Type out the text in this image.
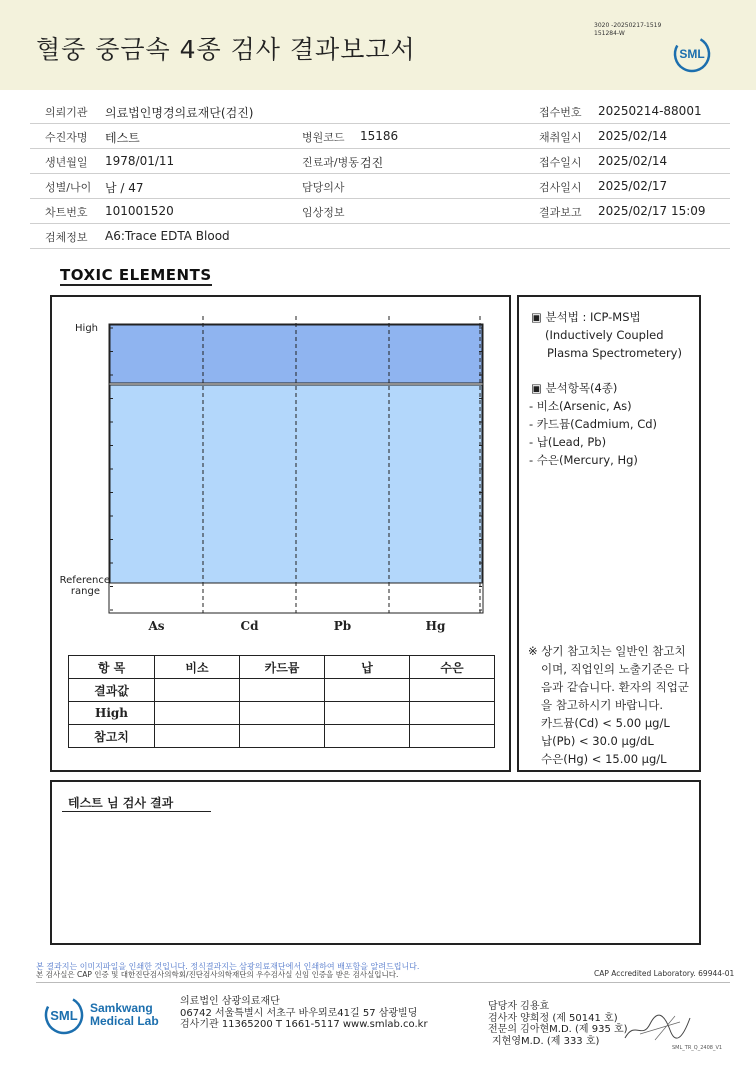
혈중 중금속 4종 검사 결과보고서
3020 -20250217-1519
151284-W
SML
의뢰기관 의료법인명경의료재단(검진)	접수번호 20250214-88001
수진자명 테스트	병원코드 15186	채취일시 2025/02/14
생년월일 1978/01/11	진료과/병동 검진	접수일시 2025/02/14
성별/나이 남 / 47	담당의사	검사일시 2025/02/17
차트번호 101001520	임상정보	결과보고 2025/02/17 15:09
검체정보 A6:Trace EDTA Blood
TOXIC ELEMENTS
High
Reference
range
As	Cd	Pb	Hg
항 목	비소	카드뮴	납	수은
결과값				
High				
참고치				
▣ 분석법 : ICP-MS법
(Inductively Coupled
Plasma Spectrometery)
▣ 분석항목(4종)
- 비소(Arsenic, As)
- 카드뮴(Cadmium, Cd)
- 납(Lead, Pb)
- 수은(Mercury, Hg)
※ 상기 참고치는 일반인 참고치
이며, 직업인의 노출기준은 다
음과 같습니다. 환자의 직업군
을 참고하시기 바랍니다.
카드뮴(Cd) < 5.00 μg/L
납(Pb) < 30.0 μg/dL
수은(Hg) < 15.00 μg/L
테스트 님 검사 결과
본 결과지는 이미지파일을 인쇄한 것입니다. 정식결과지는 삼광의료재단에서 인쇄하여 배포함을 알려드립니다.
본 검사실은 CAP 인증 및 대한진단검사의학회/진단검사의학재단의 우수검사실 신임 인증을 받은 검사실입니다.	CAP Accredited Laboratory. 69944-01
SML Samkwang
Medical Lab
의료법인 삼광의료재단
06742 서울특별시 서초구 바우뫼로41길 57 삼광빌딩
검사기관 11365200 T 1661-5117 www.smlab.co.kr
담당자 김용효
검사자 양희정 (제 50141 호)
전문의 김아현M.D. (제 935 호)
지현영M.D. (제 333 호)
SML_TR_Q_2408_V1
